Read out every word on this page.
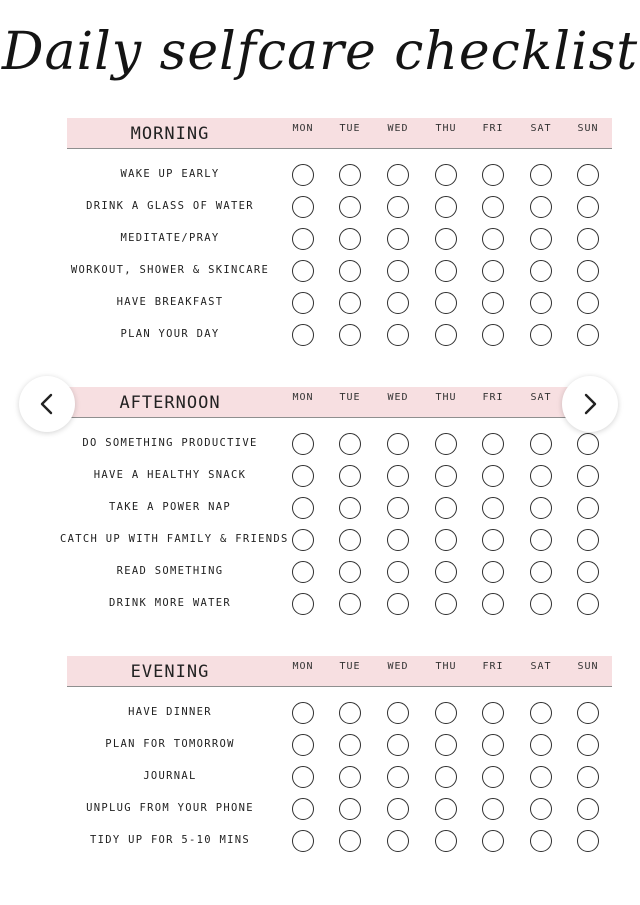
Daily selfcare checklist
MORNING	MON	TUE	WED	THU	FRI	SAT	SUN
WAKE UP EARLY
DRINK A GLASS OF WATER
MEDITATE/PRAY
WORKOUT, SHOWER & SKINCARE
HAVE BREAKFAST
PLAN YOUR DAY
AFTERNOON	MON	TUE	WED	THU	FRI	SAT
DO SOMETHING PRODUCTIVE
HAVE A HEALTHY SNACK
TAKE A POWER NAP
CATCH UP WITH FAMILY & FRIENDS
READ SOMETHING
DRINK MORE WATER
EVENING	MON	TUE	WED	THU	FRI	SAT	SUN
HAVE DINNER
PLAN FOR TOMORROW
JOURNAL
UNPLUG FROM YOUR PHONE
TIDY UP FOR 5-10 MINS
